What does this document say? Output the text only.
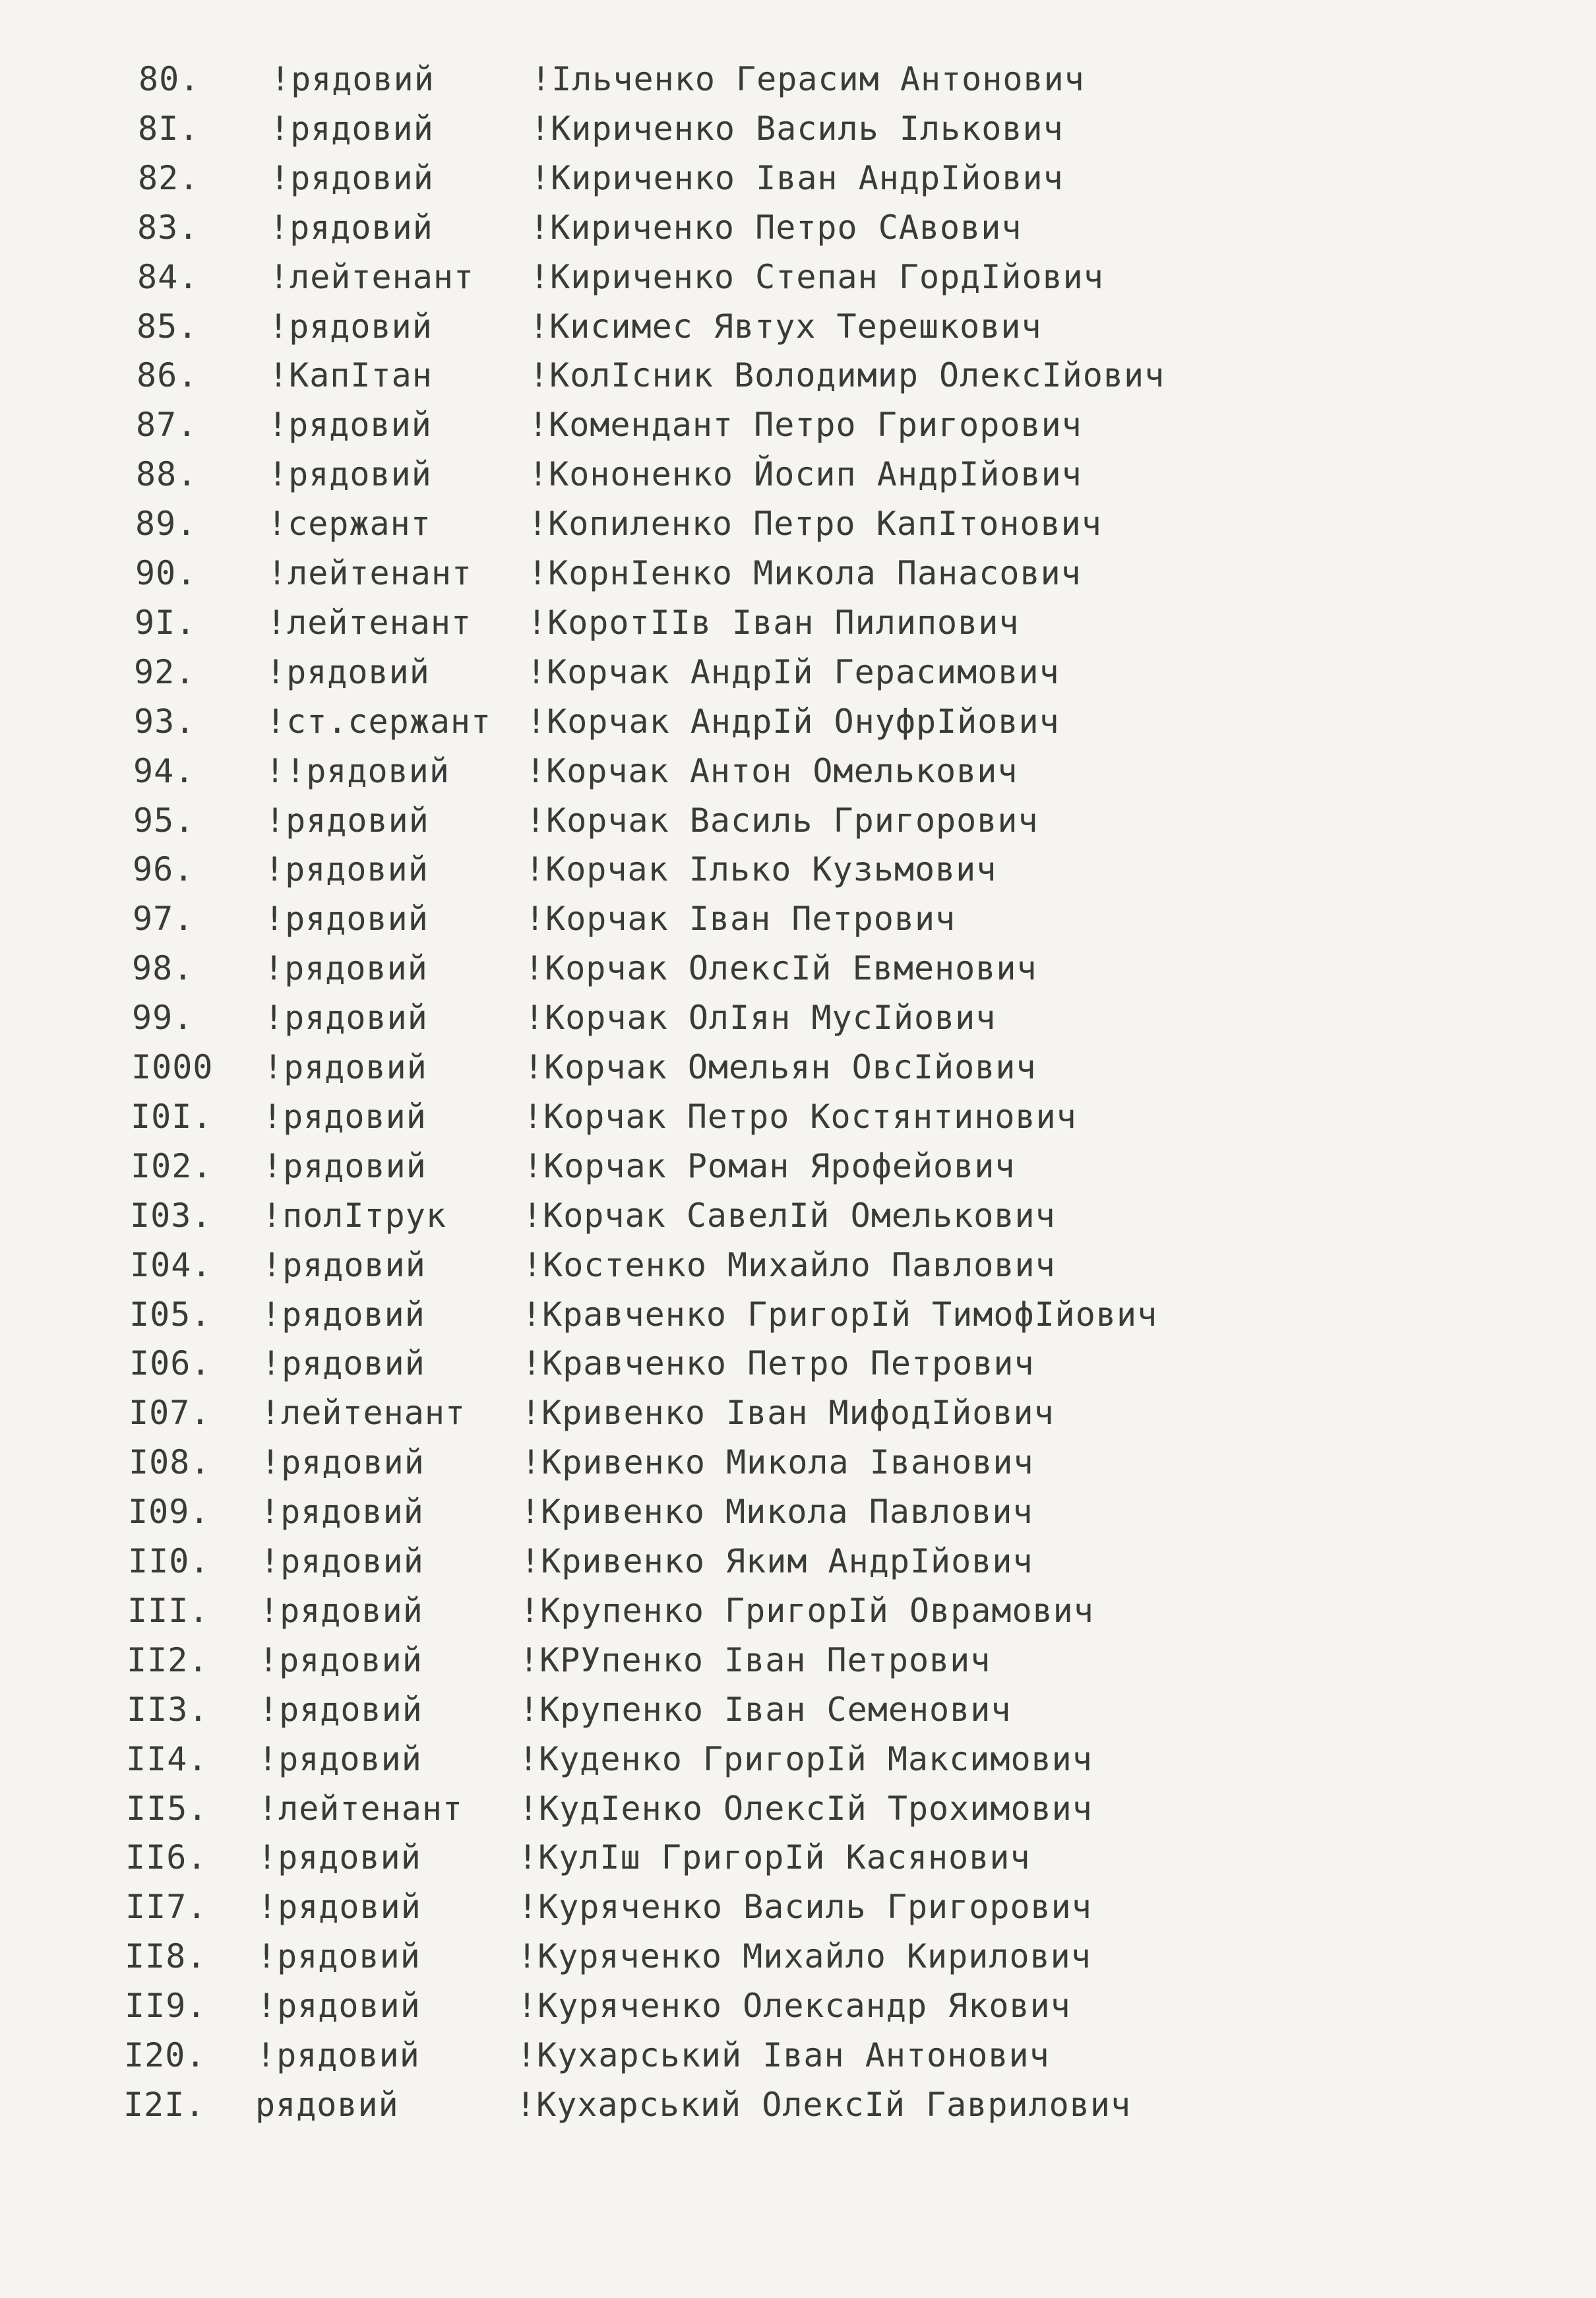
80.	!рядовий	!Ільченко Герасим Антонович
8I.	!рядовий	!Кириченко Василь Ількович
82.	!рядовий	!Кириченко Іван АндрІйович
83.	!рядовий	!Кириченко Петро САвович
84.	!лейтенант	!Кириченко Степан ГордІйович
85.	!рядовий	!Кисимес Явтух Терешкович
86.	!КапІтан	!КолІсник Володимир ОлексІйович
87.	!рядовий	!Комендант Петро Григорович
88.	!рядовий	!Кононенко Йосип АндрІйович
89.	!сержант	!Копиленко Петро КапІтонович
90.	!лейтенант	!КорнІенко Микола Панасович
9I.	!лейтенант	!КоротІІв Іван Пилипович
92.	!рядовий	!Корчак АндрІй Герасимович
93.	!ст.сержант	!Корчак АндрІй ОнуфрІйович
94.	!!рядовий	!Корчак Антон Омелькович
95.	!рядовий	!Корчак Василь Григорович
96.	!рядовий	!Корчак Ілько Кузьмович
97.	!рядовий	!Корчак Іван Петрович
98.	!рядовий	!Корчак ОлексІй Евменович
99.	!рядовий	!Корчак ОлІян МусІйович
I000	!рядовий	!Корчак Омельян ОвсІйович
I0I.	!рядовий	!Корчак Петро Костянтинович
I02.	!рядовий	!Корчак Роман Ярофейович
I03.	!полІтрук	!Корчак СавелІй Омелькович
I04.	!рядовий	!Костенко Михайло Павлович
I05.	!рядовий	!Кравченко ГригорІй ТимофІйович
I06.	!рядовий	!Кравченко Петро Петрович
I07.	!лейтенант	!Кривенко Іван МифодІйович
I08.	!рядовий	!Кривенко Микола Іванович
I09.	!рядовий	!Кривенко Микола Павлович
II0.	!рядовий	!Кривенко Яким АндрІйович
III.	!рядовий	!Крупенко ГригорІй Оврамович
II2.	!рядовий	!КРУпенко Іван Петрович
II3.	!рядовий	!Крупенко Іван Семенович
II4.	!рядовий	!Куденко ГригорІй Максимович
II5.	!лейтенант	!КудІенко ОлексІй Трохимович
II6.	!рядовий	!КулІш ГригорІй Касянович
II7.	!рядовий	!Куряченко Василь Григорович
II8.	!рядовий	!Куряченко Михайло Кирилович
II9.	!рядовий	!Куряченко Олександр Якович
I20.	!рядовий	!Кухарський Іван Антонович
I2I.	рядовий	!Кухарський ОлексІй Гаврилович
